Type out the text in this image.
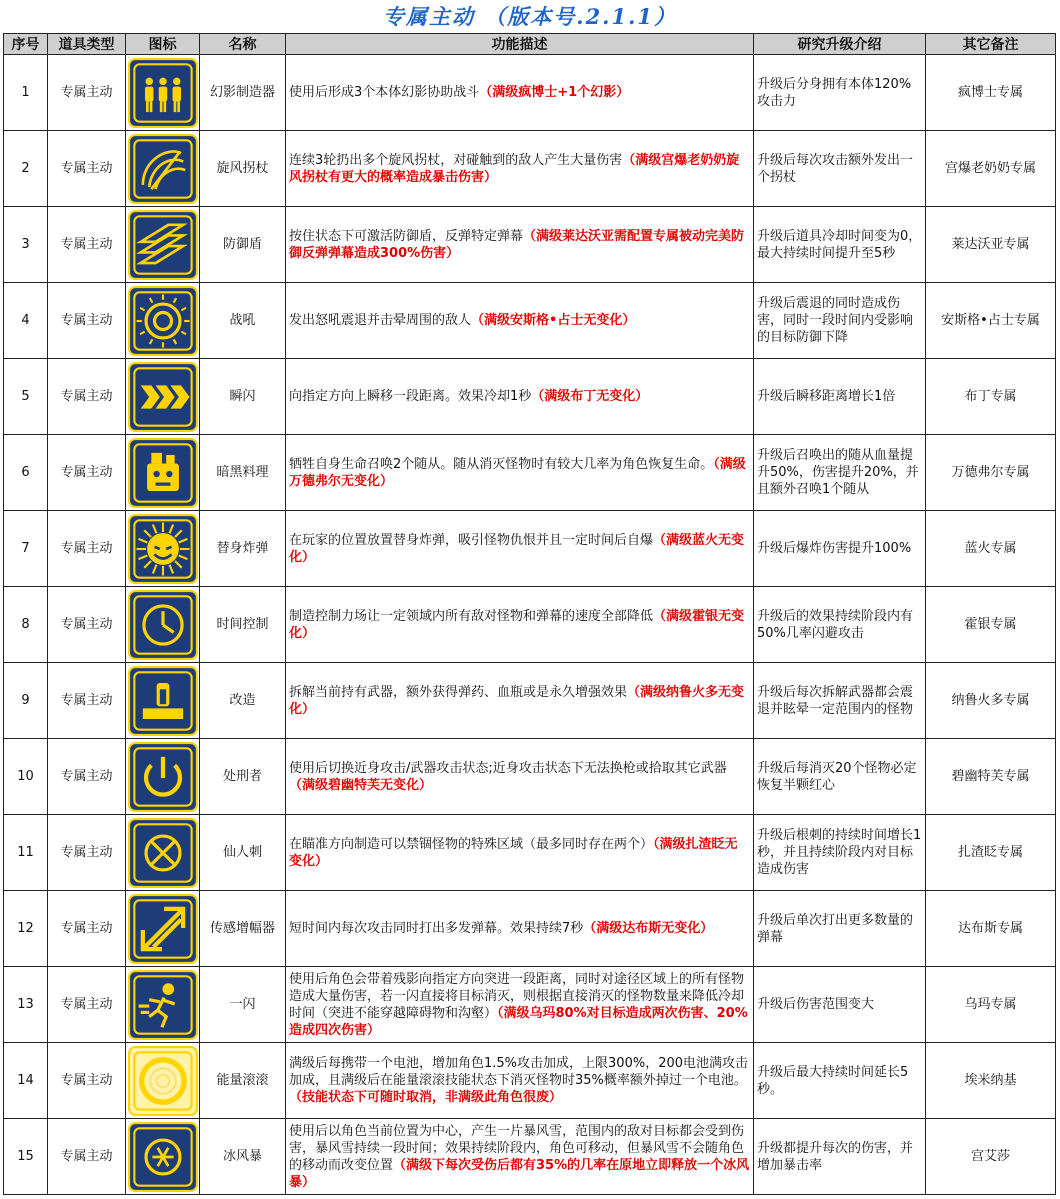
专属主动 （版本号.2.1.1）
序号	道具类型	图标	名称	功能描述	研究升级介绍	其它备注
1	专属主动		幻影制造器	使用后形成3个本体幻影协助战斗（满级疯博士+1个幻影）	升级后分身拥有本体120%攻击力	疯博士专属
2	专属主动		旋风拐杖	连续3轮扔出多个旋风拐杖，对碰触到的敌人产生大量伤害（满级宫爆老奶奶旋风拐杖有更大的概率造成暴击伤害）	升级后每次攻击额外发出一个拐杖	宫爆老奶奶专属
3	专属主动		防御盾	按住状态下可激活防御盾，反弹特定弹幕（满级莱达沃亚需配置专属被动完美防御反弹弹幕造成300%伤害）	升级后道具冷却时间变为0，最大持续时间提升至5秒	莱达沃亚专属
4	专属主动		战吼	发出怒吼震退并击晕周围的敌人（满级安斯格•占士无变化）	升级后震退的同时造成伤害，同时一段时间内受影响的目标防御下降	安斯格•占士专属
5	专属主动		瞬闪	向指定方向上瞬移一段距离。效果冷却1秒（满级布丁无变化）	升级后瞬移距离增长1倍	布丁专属
6	专属主动		暗黑料理	牺牲自身生命召唤2个随从。随从消灭怪物时有较大几率为角色恢复生命。（满级万德弗尔无变化）	升级后召唤出的随从血量提升50%，伤害提升20%，并且额外召唤1个随从	万德弗尔专属
7	专属主动		替身炸弹	在玩家的位置放置替身炸弹，吸引怪物仇恨并且一定时间后自爆（满级蓝火无变化）	升级后爆炸伤害提升100%	蓝火专属
8	专属主动		时间控制	制造控制力场让一定领域内所有敌对怪物和弹幕的速度全部降低（满级霍银无变化）	升级后的效果持续阶段内有50%几率闪避攻击	霍银专属
9	专属主动		改造	拆解当前持有武器，额外获得弹药、血瓶或是永久增强效果（满级纳鲁火多无变化）	升级后每次拆解武器都会震退并眩晕一定范围内的怪物	纳鲁火多专属
10	专属主动		处刑者	使用后切换近身攻击/武器攻击状态;近身攻击状态下无法换枪或拾取其它武器（满级碧幽特芙无变化）	升级后每消灭20个怪物必定恢复半颗红心	碧幽特芙专属
11	专属主动		仙人刺	在瞄准方向制造可以禁锢怪物的特殊区域（最多同时存在两个）（满级扎渣眨无变化）	升级后根刺的持续时间增长1秒，并且持续阶段内对目标造成伤害	扎渣眨专属
12	专属主动		传感增幅器	短时间内每次攻击同时打出多发弹幕。效果持续7秒（满级达布斯无变化）	升级后单次打出更多数量的弹幕	达布斯专属
13	专属主动		一闪	使用后角色会带着残影向指定方向突进一段距离，同时对途径区域上的所有怪物造成大量伤害，若一闪直接将目标消灭，则根据直接消灭的怪物数量来降低冷却时间（突进不能穿越障碍物和沟壑）（满级乌玛80%对目标造成两次伤害、20%造成四次伤害）	升级后伤害范围变大	乌玛专属
14	专属主动		能量滚滚	满级后每携带一个电池，增加角色1.5%攻击加成，上限300%，200电池满攻击加成，且满级后在能量滚滚技能状态下消灭怪物时35%概率额外掉过一个电池。（技能状态下可随时取消，非满级此角色很废）	升级后最大持续时间延长5秒。	埃米纳基
15	专属主动		冰风暴	使用后以角色当前位置为中心，产生一片暴风雪，范围内的敌对目标都会受到伤害，暴风雪持续一段时间；效果持续阶段内，角色可移动，但暴风雪不会随角色的移动而改变位置（满级下每次受伤后都有35%的几率在原地立即释放一个冰风暴）	升级都提升每次的伤害，并增加暴击率	宫艾莎
